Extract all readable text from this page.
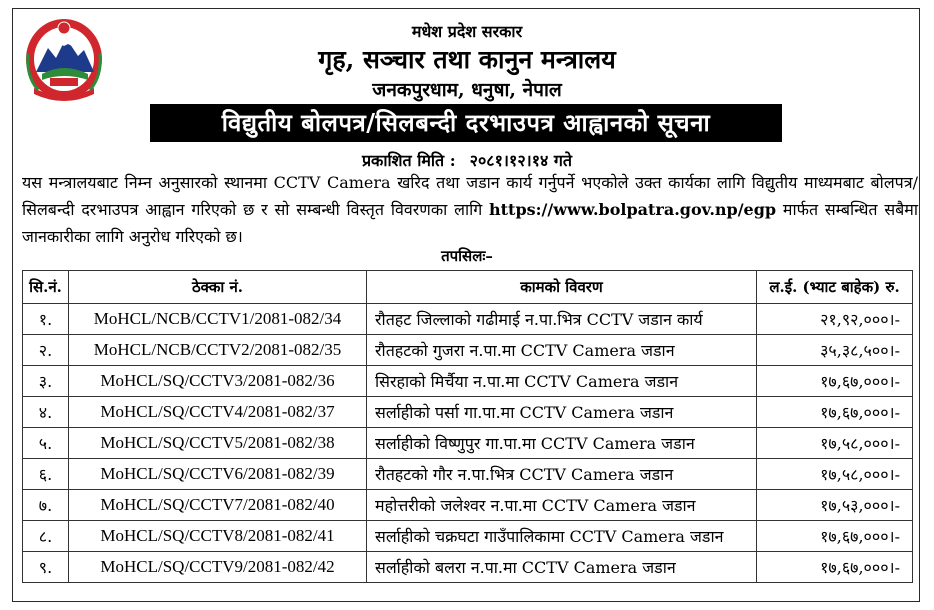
मधेश प्रदेश सरकार
गृह, सञ्चार तथा कानुन मन्त्रालय
जनकपुरधाम, धनुषा, नेपाल
विद्युतीय बोलपत्र/सिलबन्दी दरभाउपत्र आह्वानको सूचना
प्रकाशित मिति : २०८१।१२।१४ गते
यस मन्त्रालयबाट निम्न अनुसारको स्थानमा CCTV Camera खरिद तथा जडान कार्य गर्नुपर्ने भएकोले उक्त कार्यका लागि विद्युतीय माध्यमबाट बोलपत्र/सिलबन्दी दरभाउपत्र आह्वान गरिएको छ र सो सम्बन्धी विस्तृत विवरणका लागि https://www.bolpatra.gov.np/egp मार्फत सम्बन्धित सबैमा जानकारीका लागि अनुरोध गरिएको छ।
तपसिलः–
सि.नं.	ठेक्का नं.	कामको विवरण	ल.ई. (भ्याट बाहेक) रु.
१.	MoHCL/NCB/CCTV1/2081-082/34	रौतहट जिल्लाको गढीमाई न.पा.भित्र CCTV जडान कार्य	२१,९२,०००।-
२.	MoHCL/NCB/CCTV2/2081-082/35	रौतहटको गुजरा न.पा.मा CCTV Camera जडान	३५,३८,५००।-
३.	MoHCL/SQ/CCTV3/2081-082/36	सिरहाको मिर्चैया न.पा.मा CCTV Camera जडान	१७,६७,०००।-
४.	MoHCL/SQ/CCTV4/2081-082/37	सर्लाहीको पर्सा गा.पा.मा CCTV Camera जडान	१७,६७,०००।-
५.	MoHCL/SQ/CCTV5/2081-082/38	सर्लाहीको विष्णुपुर गा.पा.मा CCTV Camera जडान	१७,५८,०००।-
६.	MoHCL/SQ/CCTV6/2081-082/39	रौतहटको गौर न.पा.भित्र CCTV Camera जडान	१७,५८,०००।-
७.	MoHCL/SQ/CCTV7/2081-082/40	महोत्तरीको जलेश्वर न.पा.मा CCTV Camera जडान	१७,५३,०००।-
८.	MoHCL/SQ/CCTV8/2081-082/41	सर्लाहीको चक्रघटा गाउँपालिकामा CCTV Camera जडान	१७,६७,०००।-
९.	MoHCL/SQ/CCTV9/2081-082/42	सर्लाहीको बलरा न.पा.मा CCTV Camera जडान	१७,६७,०००।-
